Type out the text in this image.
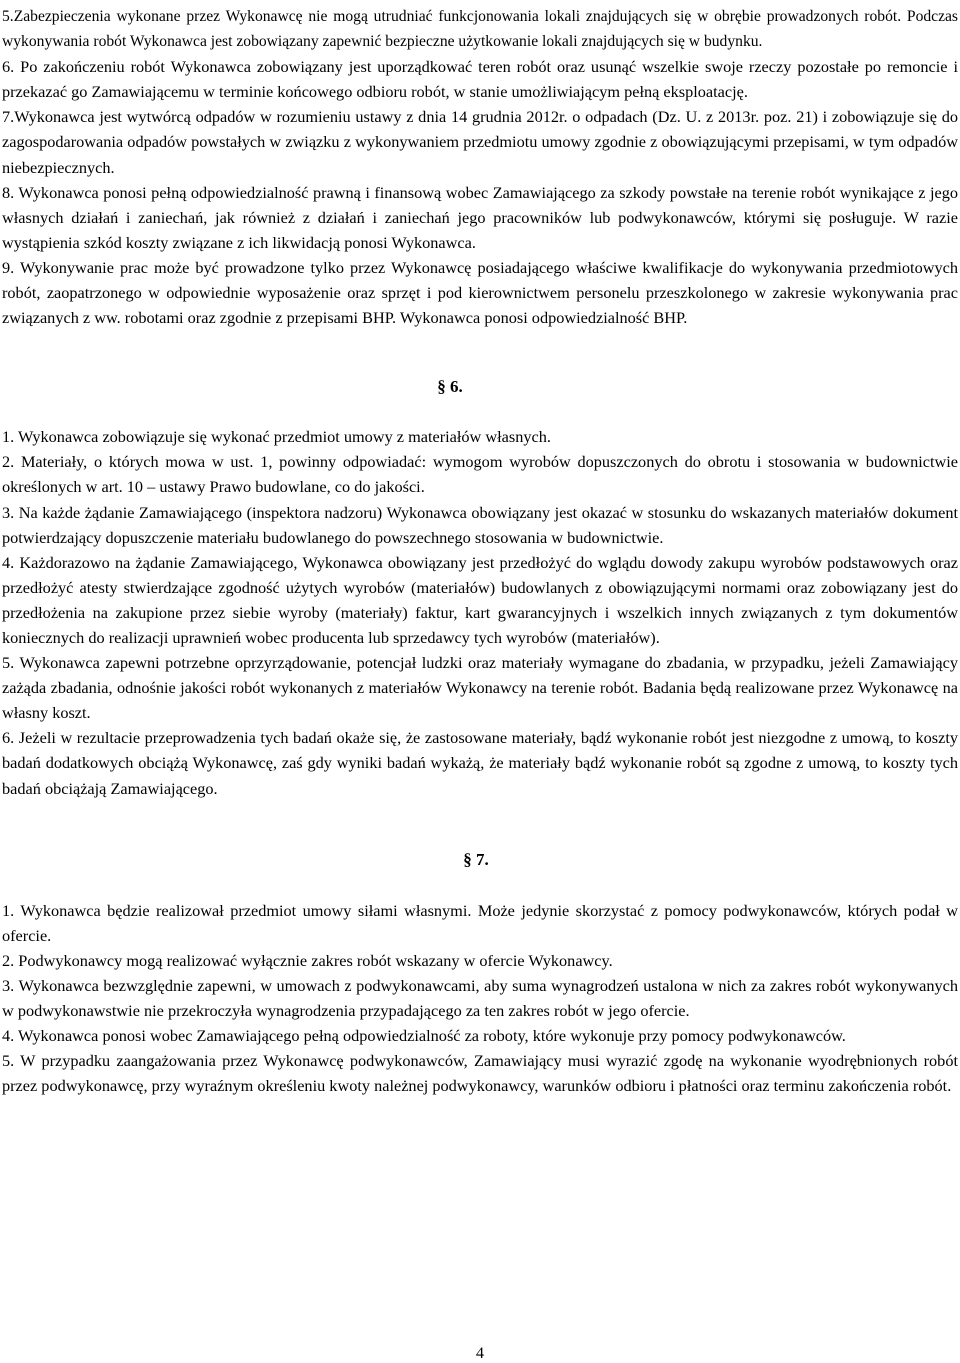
5.Zabezpieczenia wykonane przez Wykonawcę nie mogą utrudniać funkcjonowania lokali znajdujących się w obrębie prowadzonych robót. Podczas wykonywania robót Wykonawca jest zobowiązany zapewnić bezpieczne użytkowanie lokali znajdujących się w budynku.

6. Po zakończeniu robót Wykonawca zobowiązany jest uporządkować teren robót oraz usunąć wszelkie swoje rzeczy pozostałe po remoncie i przekazać go Zamawiającemu w terminie końcowego odbioru robót, w stanie umożliwiającym pełną eksploatację.

7.Wykonawca jest wytwórcą odpadów w rozumieniu ustawy z dnia 14 grudnia 2012r. o odpadach (Dz. U. z 2013r. poz. 21) i zobowiązuje się do zagospodarowania odpadów powstałych w związku z wykonywaniem przedmiotu umowy zgodnie z obowiązującymi przepisami, w tym odpadów niebezpiecznych.

8. Wykonawca ponosi pełną odpowiedzialność prawną i finansową wobec Zamawiającego za szkody powstałe na terenie robót wynikające z jego własnych działań i zaniechań, jak również z działań i zaniechań jego pracowników lub podwykonawców, którymi się posługuje. W razie wystąpienia szkód koszty związane z ich likwidacją ponosi Wykonawca.

9. Wykonywanie prac może być prowadzone tylko przez Wykonawcę posiadającego właściwe kwalifikacje do wykonywania przedmiotowych robót, zaopatrzonego w odpowiednie wyposażenie oraz sprzęt i pod kierownictwem personelu przeszkolonego w zakresie wykonywania prac związanych z ww. robotami oraz zgodnie z przepisami BHP. Wykonawca ponosi odpowiedzialność BHP.

§ 6.

1. Wykonawca zobowiązuje się wykonać przedmiot umowy z materiałów własnych.

2. Materiały, o których mowa w ust. 1, powinny odpowiadać: wymogom wyrobów dopuszczonych do obrotu i stosowania w budownictwie określonych w art. 10 – ustawy Prawo budowlane, co do jakości.

3. Na każde żądanie Zamawiającego (inspektora nadzoru) Wykonawca obowiązany jest okazać w stosunku do wskazanych materiałów dokument potwierdzający dopuszczenie materiału budowlanego do powszechnego stosowania w budownictwie.

4. Każdorazowo na żądanie Zamawiającego, Wykonawca obowiązany jest przedłożyć do wglądu dowody zakupu wyrobów podstawowych oraz przedłożyć atesty stwierdzające zgodność użytych wyrobów (materiałów) budowlanych z obowiązującymi normami oraz zobowiązany jest do przedłożenia na zakupione przez siebie wyroby (materiały) faktur, kart gwarancyjnych i wszelkich innych związanych z tym dokumentów koniecznych do realizacji uprawnień wobec producenta lub sprzedawcy tych wyrobów (materiałów).

5. Wykonawca zapewni potrzebne oprzyrządowanie, potencjał ludzki oraz materiały wymagane do zbadania, w przypadku, jeżeli Zamawiający zażąda zbadania, odnośnie jakości robót wykonanych z materiałów Wykonawcy na terenie robót. Badania będą realizowane przez Wykonawcę na własny koszt.

6. Jeżeli w rezultacie przeprowadzenia tych badań okaże się, że zastosowane materiały, bądź wykonanie robót jest niezgodne z umową, to koszty badań dodatkowych obciążą Wykonawcę, zaś gdy wyniki badań wykażą, że materiały bądź wykonanie robót są zgodne z umową, to koszty tych badań obciążają Zamawiającego.

§ 7.

1. Wykonawca będzie realizował przedmiot umowy siłami własnymi. Może jedynie skorzystać z pomocy podwykonawców, których podał w ofercie.

2. Podwykonawcy mogą realizować wyłącznie zakres robót wskazany w ofercie Wykonawcy.

3. Wykonawca bezwzględnie zapewni, w umowach z podwykonawcami, aby suma wynagrodzeń ustalona w nich za zakres robót wykonywanych w podwykonawstwie nie przekroczyła wynagrodzenia przypadającego za ten zakres robót w jego ofercie.

4. Wykonawca ponosi wobec Zamawiającego pełną odpowiedzialność za roboty, które wykonuje przy pomocy podwykonawców.

5. W przypadku zaangażowania przez Wykonawcę podwykonawców, Zamawiający musi wyrazić zgodę na wykonanie wyodrębnionych robót przez podwykonawcę, przy wyraźnym określeniu kwoty należnej podwykonawcy, warunków odbioru i płatności oraz terminu zakończenia robót.

4
